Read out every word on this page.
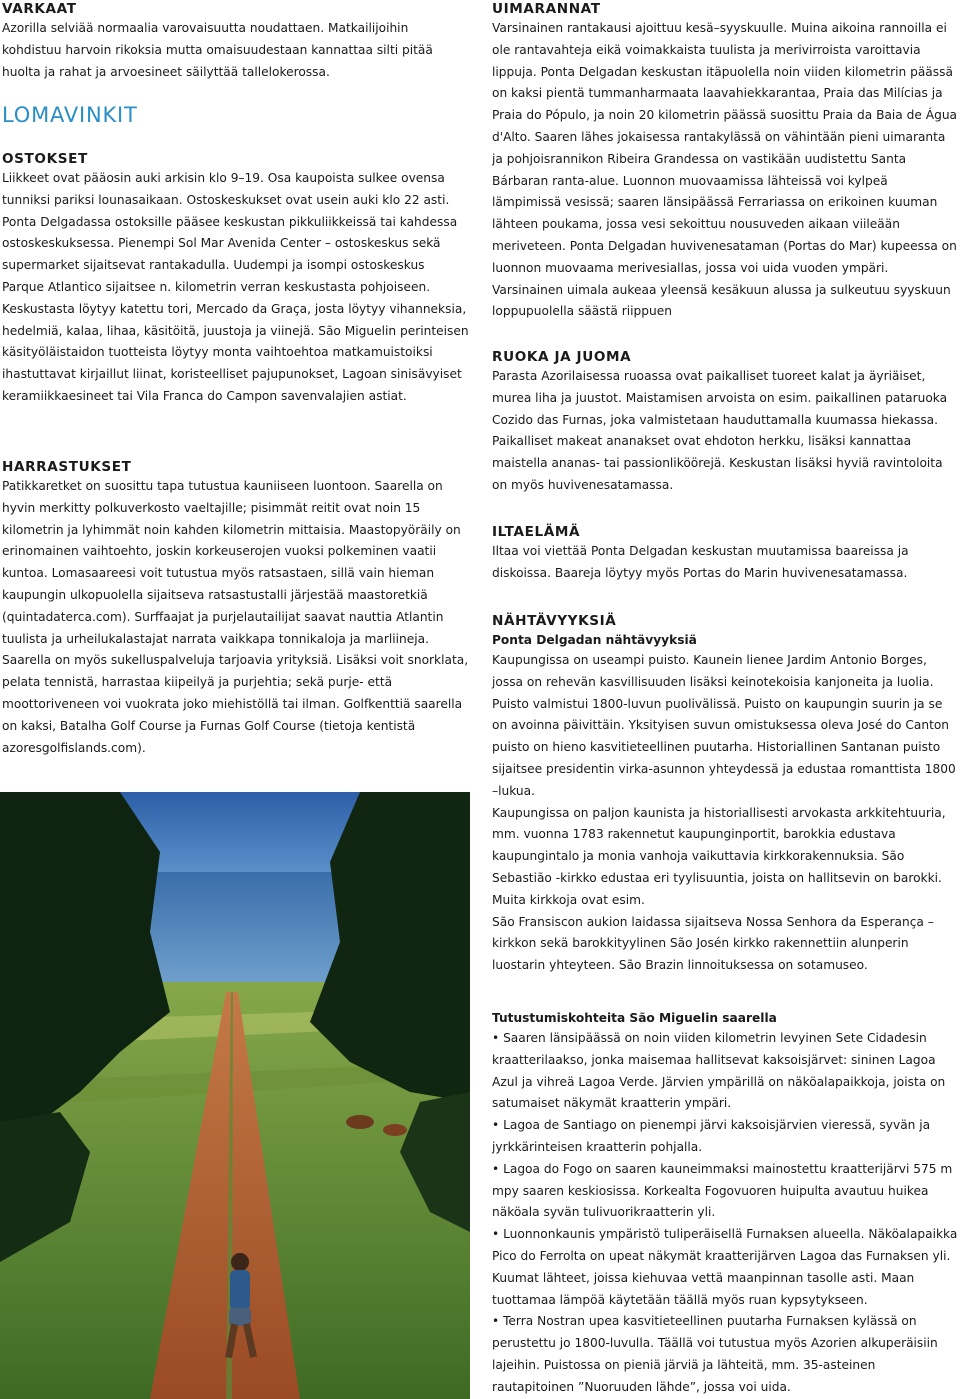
VARKAAT

Azorilla selviää normaalia varovaisuutta noudattaen. Matkailijoihin kohdistuu harvoin rikoksia mutta omaisuudestaan kannattaa silti pitää huolta ja rahat ja arvoesineet säilyttää tallelokerossa.

LOMAVINKIT
OSTOKSET

Liikkeet ovat pääosin auki arkisin klo 9–19. Osa kaupoista sulkee ovensa tunniksi pariksi lounasaikaan. Ostoskeskukset ovat usein auki klo 22 asti. Ponta Delgadassa ostoksille pääsee keskustan pikkuliikkeissä tai kahdessa ostoskeskuksessa. Pienempi Sol Mar Avenida Center – ostoskeskus sekä supermarket sijaitsevat rantakadulla. Uudempi ja isompi ostoskeskus Parque Atlantico sijaitsee n. kilometrin verran keskustasta pohjoiseen. Keskustasta löytyy katettu tori, Mercado da Graça, josta löytyy vihanneksia, hedelmiä, kalaa, lihaa, käsitöitä, juustoja ja viinejä. São Miguelin perinteisen käsityöläistaidon tuotteista löytyy monta vaihtoehtoa matkamuistoiksi ihastuttavat kirjaillut liinat, koristeelliset pajupunokset, Lagoan sinisävyiset keramiikkaesineet tai Vila Franca do Campon savenvalajien astiat.

HARRASTUKSET

Patikkaretket on suosittu tapa tutustua kauniiseen luontoon. Saarella on hyvin merkitty polkuverkosto vaeltajille; pisimmät reitit ovat noin 15 kilometrin ja lyhimmät noin kahden kilometrin mittaisia. Maastopyöräily on erinomainen vaihtoehto, joskin korkeuserojen vuoksi polkeminen vaatii kuntoa. Lomasaareesi voit tutustua myös ratsastaen, sillä vain hieman kaupungin ulkopuolella sijaitseva ratsastustalli järjestää maastoretkiä (quintadaterca.com). Surffaajat ja purjelautailijat saavat nauttia Atlantin tuulista ja urheilukalastajat narrata vaikkapa tonnikaloja ja marliineja. Saarella on myös sukelluspalveluja tarjoavia yrityksiä. Lisäksi voit snorklata, pelata tennistä, harrastaa kiipeilyä ja purjehtia; sekä purje- että moottoriveneen voi vuokrata joko miehistöllä tai ilman. Golfkenttiä saarella on kaksi, Batalha Golf Course ja Furnas Golf Course (tietoja kentistä azoresgolfislands.com).

UIMARANNAT

Varsinainen rantakausi ajoittuu kesä–syyskuulle. Muina aikoina rannoilla ei ole rantavahteja eikä voimakkaista tuulista ja merivirroista varoittavia lippuja. Ponta Delgadan keskustan itäpuolella noin viiden kilometrin päässä on kaksi pientä tummanharmaata laavahiekkarantaa, Praia das Milícias ja Praia do Pópulo, ja noin 20 kilometrin päässä suosittu Praia da Baia de Água d'Alto. Saaren lähes jokaisessa rantakylässä on vähintään pieni uimaranta ja pohjoisrannikon Ribeira Grandessa on vastikään uudistettu Santa Bárbaran ranta-alue. Luonnon muovaamissa lähteissä voi kylpeä lämpimissä vesissä; saaren länsipäässä Ferrariassa on erikoinen kuuman lähteen poukama, jossa vesi sekoittuu nousuveden aikaan viileään meriveteen. Ponta Delgadan huvivenesataman (Portas do Mar) kupeessa on luonnon muovaama merivesiallas, jossa voi uida vuoden ympäri. Varsinainen uimala aukeaa yleensä kesäkuun alussa ja sulkeutuu syyskuun loppupuolella säästä riippuen

RUOKA JA JUOMA

Parasta Azorilaisessa ruoassa ovat paikalliset tuoreet kalat ja äyriäiset, murea liha ja juustot. Maistamisen arvoista on esim. paikallinen pataruoka Cozido das Furnas, joka valmistetaan hauduttamalla kuumassa hiekassa. Paikalliset makeat ananakset ovat ehdoton herkku, lisäksi kannattaa maistella ananas- tai passionliköörejä. Keskustan lisäksi hyviä ravintoloita on myös huvivenesatamassa.

ILTAELÄMÄ

Iltaa voi viettää Ponta Delgadan keskustan muutamissa baareissa ja diskoissa. Baareja löytyy myös Portas do Marin huvivenesatamassa.

NÄHTÄVYYKSIÄ

Ponta Delgadan nähtävyyksiä

Kaupungissa on useampi puisto. Kaunein lienee Jardim Antonio Borges, jossa on rehevän kasvillisuuden lisäksi keinotekoisia kanjoneita ja luolia. Puisto valmistui 1800-luvun puolivälissä. Puisto on kaupungin suurin ja se on avoinna päivittäin. Yksityisen suvun omistuksessa oleva José do Canton puisto on hieno kasvitieteellinen puutarha. Historiallinen Santanan puisto sijaitsee presidentin virka-asunnon yhteydessä ja edustaa romanttista 1800 –lukua.

Kaupungissa on paljon kaunista ja historiallisesti arvokasta arkkitehtuuria, mm. vuonna 1783 rakennetut kaupunginportit, barokkia edustava kaupungintalo ja monia vanhoja vaikuttavia kirkkorakennuksia. São Sebastião -kirkko edustaa eri tyylisuuntia, joista on hallitsevin on barokki. Muita kirkkoja ovat esim.

São Fransiscon aukion laidassa sijaitseva Nossa Senhora da Esperança –kirkkon sekä barokkityylinen São Josén kirkko rakennettiin alunperin luostarin yhteyteen. São Brazin linnoituksessa on sotamuseo.

Tutustumiskohteita São Miguelin saarella

• Saaren länsipäässä on noin viiden kilometrin levyinen Sete Cidadesin kraatterilaakso, jonka maisemaa hallitsevat kaksoisjärvet: sininen Lagoa Azul ja vihreä Lagoa Verde. Järvien ympärillä on näköalapaikkoja, joista on satumaiset näkymät kraatterin ympäri.

• Lagoa de Santiago on pienempi järvi kaksoisjärvien vieressä, syvän ja jyrkkärinteisen kraatterin pohjalla.

• Lagoa do Fogo on saaren kauneimmaksi mainostettu kraatterijärvi 575 m mpy saaren keskiosissa. Korkealta Fogovuoren huipulta avautuu huikea näköala syvän tulivuorikraatterin yli.

• Luonnonkaunis ympäristö tuliperäisellä Furnaksen alueella. Näköalapaikka Pico do Ferrolta on upeat näkymät kraatterijärven Lagoa das Furnaksen yli. Kuumat lähteet, joissa kiehuvaa vettä maanpinnan tasolle asti. Maan tuottamaa lämpöä käytetään täällä myös ruan kypsytykseen.

• Terra Nostran upea kasvitieteellinen puutarha Furnaksen kylässä on perustettu jo 1800-luvulla. Täällä voi tutustua myös Azorien alkuperäisiin lajeihin. Puistossa on pieniä järviä ja lähteitä, mm. 35-asteinen rautapitoinen ”Nuoruuden lähde”, jossa voi uida.
